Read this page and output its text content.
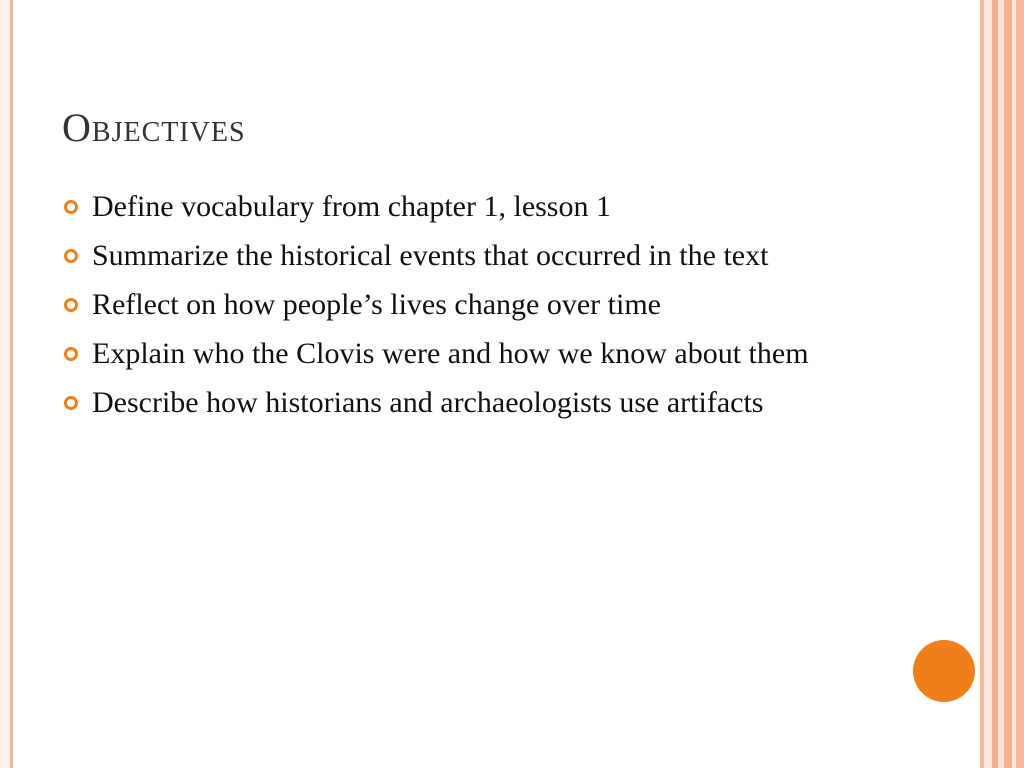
Objectives
Define vocabulary from chapter 1, lesson 1
Summarize the historical events that occurred in the text
Reflect on how people’s lives change over time
Explain who the Clovis were and how we know about them
Describe how historians and archaeologists use artifacts
